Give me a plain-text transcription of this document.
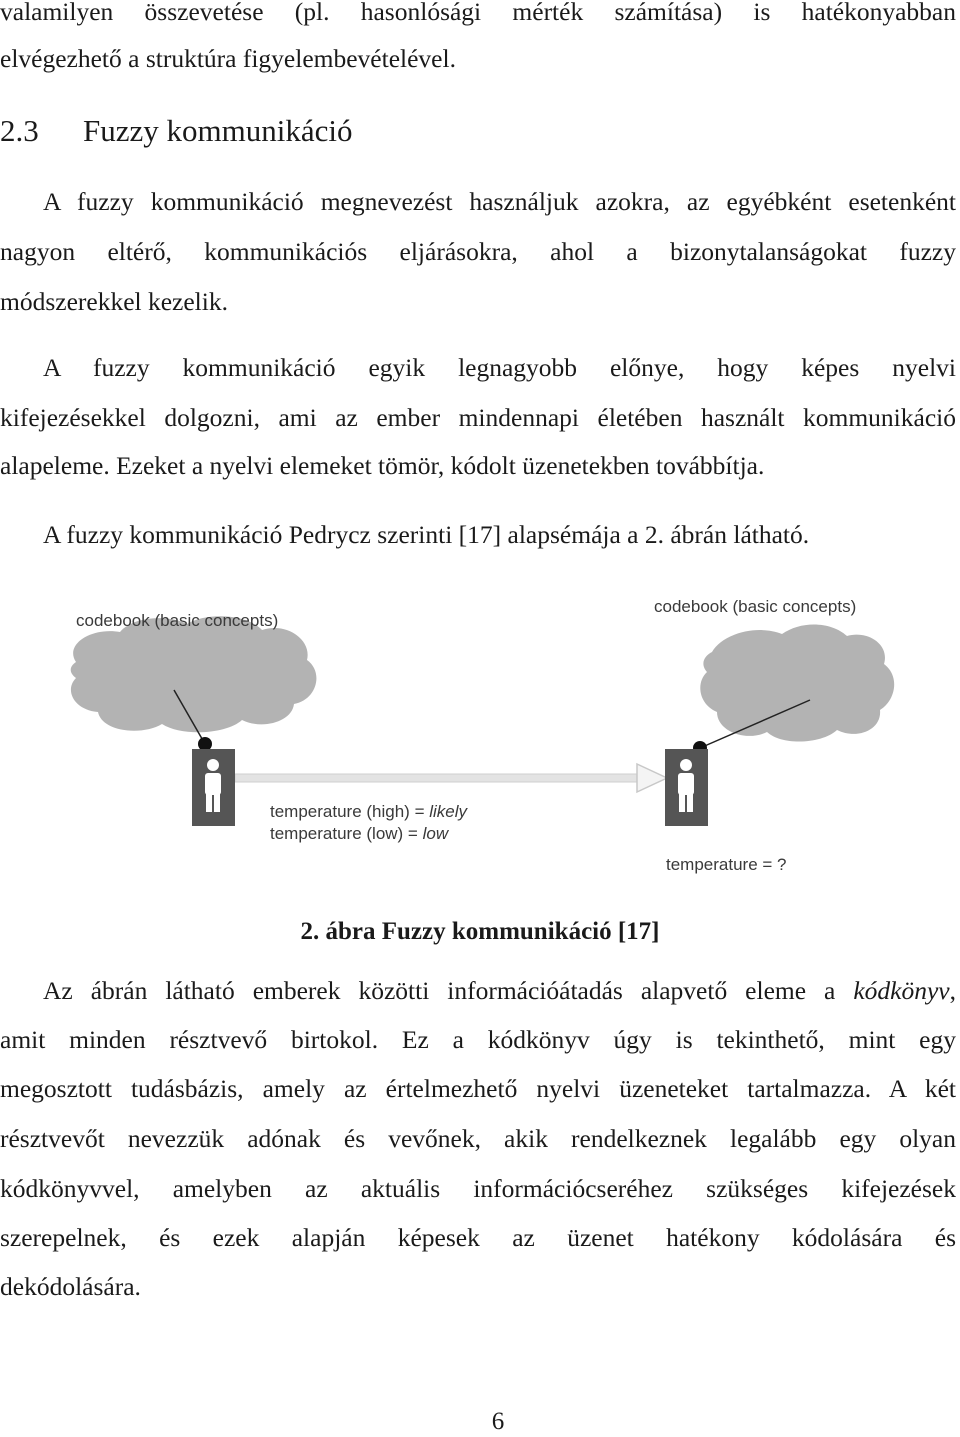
valamilyen összevetése (pl. hasonlósági mérték számítása) is hatékonyabban
elvégezhető a struktúra figyelembevételével.
2.3 Fuzzy kommunikáció
A fuzzy kommunikáció megnevezést használjuk azokra, az egyébként esetenként
nagyon eltérő, kommunikációs eljárásokra, ahol a bizonytalanságokat fuzzy
módszerekkel kezelik.
A fuzzy kommunikáció egyik legnagyobb előnye, hogy képes nyelvi
kifejezésekkel dolgozni, ami az ember mindennapi életében használt kommunikáció
alapeleme. Ezeket a nyelvi elemeket tömör, kódolt üzenetekben továbbítja.
A fuzzy kommunikáció Pedrycz szerinti [17] alapsémája a 2. ábrán látható.
codebook (basic concepts)
codebook (basic concepts)
temperature (high) = likely
temperature (low) = low
temperature = ?
2. ábra Fuzzy kommunikáció [17]
Az ábrán látható emberek közötti információátadás alapvető eleme a kódkönyv,
amit minden résztvevő birtokol. Ez a kódkönyv úgy is tekinthető, mint egy
megosztott tudásbázis, amely az értelmezhető nyelvi üzeneteket tartalmazza. A két
résztvevőt nevezzük adónak és vevőnek, akik rendelkeznek legalább egy olyan
kódkönyvvel, amelyben az aktuális információcseréhez szükséges kifejezések
szerepelnek, és ezek alapján képesek az üzenet hatékony kódolására és
dekódolására.
6
